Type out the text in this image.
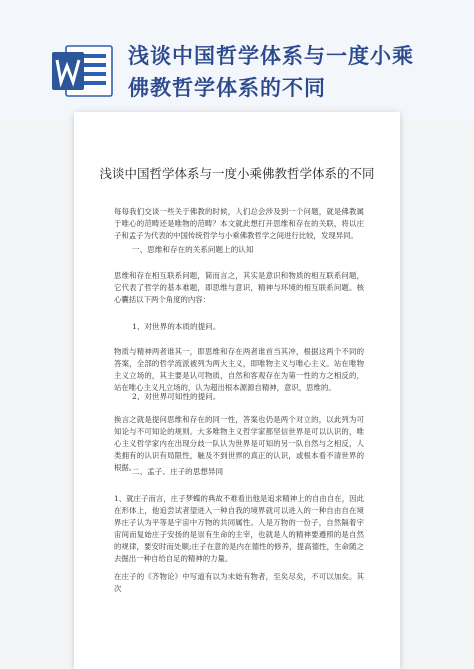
浅谈中国哲学体系与一度小乘
佛教哲学体系的不同
浅谈中国哲学体系与一度小乘佛教哲学体系的不同
每每我们交谈一些关于佛教的时候，人们总会涉及到一个问题，就是佛教属于唯心的范畴还是唯物的范畴？本文就此想打开思维和存在的关联，将以庄子和孟子为代表的中国传统哲学与小乘佛教哲学之间进行比较，发现异同。
一、思维和存在的关系问题上的认知
思维和存在相互联系问题，简而言之，其实是意识和物质的相互联系问题，它代表了哲学的基本难题，即思维与意识，精神与环境的相互联系问题。核心囊括以下两个角度的内容：
1、对世界的本质的提问。
物质与精神两者谁其一，即思维和存在两者谁首当其冲，根据这两个不同的答案，全部的哲学流派被列为两大主义，即唯物主义与唯心主义。站在唯物主义立场的，其主要是认可物质，自然和客观存在为第一性的方之相反的，站在唯心主义凡立场的，认为超出根本源源自精神，意识，思维的。
2、对世界可知性的提问。
换言之就是提问思维和存在的同一性，答案也仍是两个对立的，以此列为可知论与不可知论的规则。大多唯物主义哲学家都坚信世界是可以认识的，唯心主义哲学家内在出现分歧一队认为世界是可知的另一队自然与之相反，人类拥有的认识有局限性，触及不到世界的真正的认识，或根本看不清世界的根据。
二、孟子、庄子的思想异同
1、就庄子而言，庄子梦蝶的典故不难看出他是追求精神上的自由自在，因此在形体上，他追尝试者望进入一种自我的境界就可以进入的一种自由自在境界庄子认为平等是宇宙中万物的共同属性。人是万物的一份子，自然隔着宇宙间而复始庄子安扬的是崇有生命的主宰，也就是人的精神要遵照的是自然的规律，要安时而处顺;庄子在意的是内在德性的修养，提高德性，生命随之去掘出一种自给自足的精神的力量。
在庄子的《齐物论》中写道有以为未始有物者，至矣尽矣，不可以加矣。其次
